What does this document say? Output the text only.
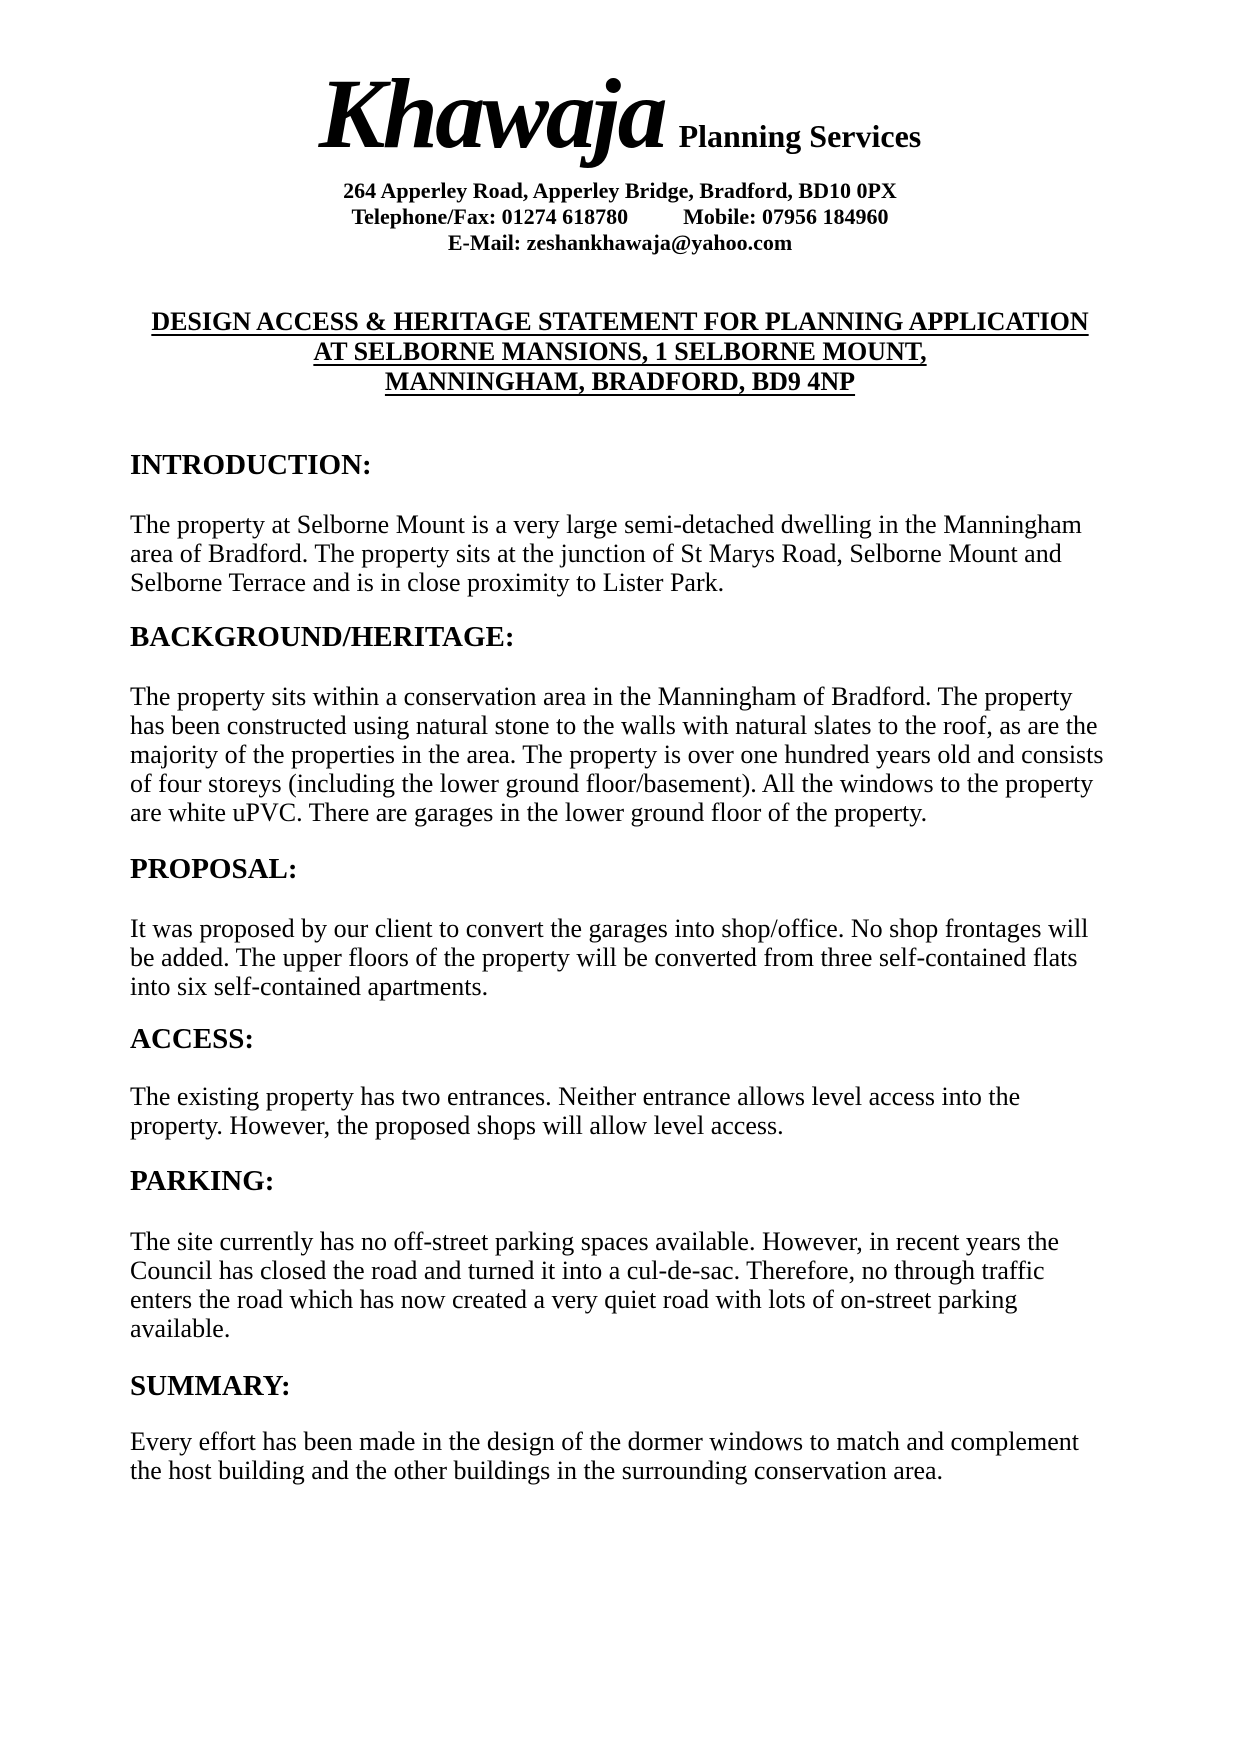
Khawaja Planning Services
264 Apperley Road, Apperley Bridge, Bradford, BD10 0PX
Telephone/Fax: 01274 618780	Mobile: 07956 184960
E-Mail: zeshankhawaja@yahoo.com
DESIGN ACCESS & HERITAGE STATEMENT FOR PLANNING APPLICATION
AT SELBORNE MANSIONS, 1 SELBORNE MOUNT,
MANNINGHAM, BRADFORD, BD9 4NP
INTRODUCTION:
The property at Selborne Mount is a very large semi-detached dwelling in the Manningham area of Bradford. The property sits at the junction of St Marys Road, Selborne Mount and Selborne Terrace and is in close proximity to Lister Park.
BACKGROUND/HERITAGE:
The property sits within a conservation area in the Manningham of Bradford. The property has been constructed using natural stone to the walls with natural slates to the roof, as are the majority of the properties in the area. The property is over one hundred years old and consists of four storeys (including the lower ground floor/basement). All the windows to the property are white uPVC. There are garages in the lower ground floor of the property.
PROPOSAL:
It was proposed by our client to convert the garages into shop/office. No shop frontages will be added. The upper floors of the property will be converted from three self-contained flats into six self-contained apartments.
ACCESS:
The existing property has two entrances. Neither entrance allows level access into the property. However, the proposed shops will allow level access.
PARKING:
The site currently has no off-street parking spaces available. However, in recent years the Council has closed the road and turned it into a cul-de-sac. Therefore, no through traffic enters the road which has now created a very quiet road with lots of on-street parking available.
SUMMARY:
Every effort has been made in the design of the dormer windows to match and complement the host building and the other buildings in the surrounding conservation area.
